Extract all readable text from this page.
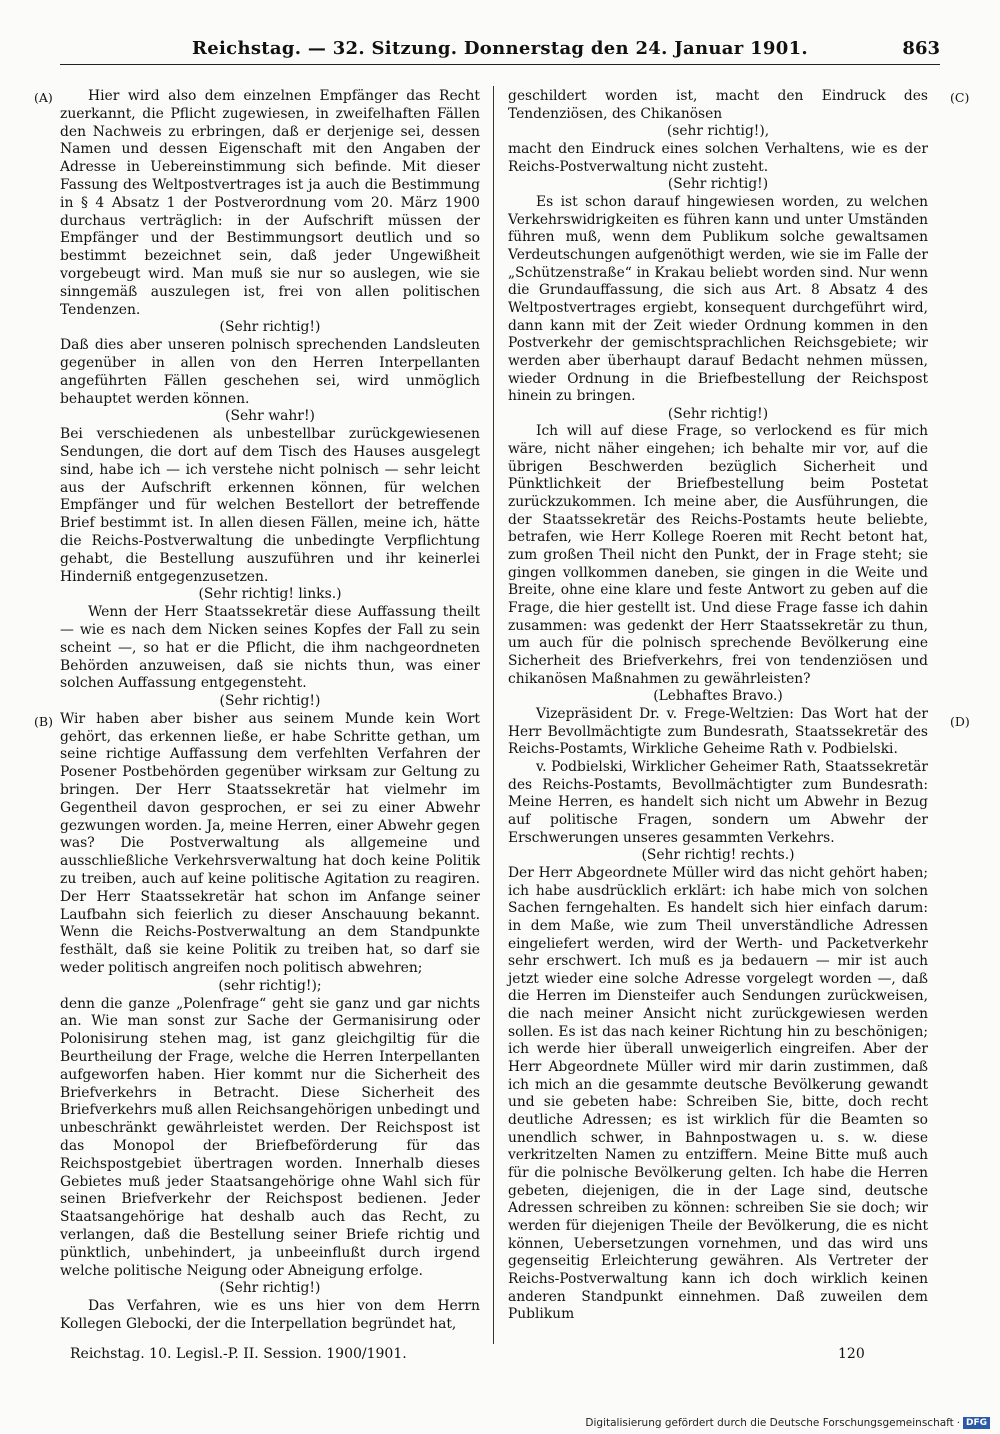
Reichstag. — 32. Sitzung. Donnerstag den 24. Januar 1901.	863
(A)
(B)
(C)
(D)

Hier wird also dem einzelnen Empfänger das Recht zuerkannt, die Pflicht zugewiesen, in zweifelhaften Fällen den Nachweis zu erbringen, daß er derjenige sei, dessen Namen und dessen Eigenschaft mit den Angaben der Adresse in Uebereinstimmung sich befinde. Mit dieser Fassung des Weltpostvertrages ist ja auch die Bestimmung in § 4 Absatz 1 der Postverordnung vom 20. März 1900 durchaus verträglich: in der Aufschrift müssen der Empfänger und der Bestimmungsort deutlich und so bestimmt bezeichnet sein, daß jeder Ungewißheit vorgebeugt wird. Man muß sie nur so auslegen, wie sie sinngemäß auszulegen ist, frei von allen politischen Tendenzen.

(Sehr richtig!)

Daß dies aber unseren polnisch sprechenden Landsleuten gegenüber in allen von den Herren Interpellanten angeführten Fällen geschehen sei, wird unmöglich behauptet werden können.

(Sehr wahr!)

Bei verschiedenen als unbestellbar zurückgewiesenen Sendungen, die dort auf dem Tisch des Hauses ausgelegt sind, habe ich — ich verstehe nicht polnisch — sehr leicht aus der Aufschrift erkennen können, für welchen Empfänger und für welchen Bestellort der betreffende Brief bestimmt ist. In allen diesen Fällen, meine ich, hätte die Reichs-Postverwaltung die unbedingte Verpflichtung gehabt, die Bestellung auszuführen und ihr keinerlei Hinderniß entgegenzusetzen.

(Sehr richtig! links.)

Wenn der Herr Staatssekretär diese Auffassung theilt — wie es nach dem Nicken seines Kopfes der Fall zu sein scheint —, so hat er die Pflicht, die ihm nachgeordneten Behörden anzuweisen, daß sie nichts thun, was einer solchen Auffassung entgegensteht.

(Sehr richtig!)

Wir haben aber bisher aus seinem Munde kein Wort gehört, das erkennen ließe, er habe Schritte gethan, um seine richtige Auffassung dem verfehlten Verfahren der Posener Postbehörden gegenüber wirksam zur Geltung zu bringen. Der Herr Staatssekretär hat vielmehr im Gegentheil davon gesprochen, er sei zu einer Abwehr gezwungen worden. Ja, meine Herren, einer Abwehr gegen was? Die Postverwaltung als allgemeine und ausschließliche Verkehrsverwaltung hat doch keine Politik zu treiben, auch auf keine politische Agitation zu reagiren. Der Herr Staatssekretär hat schon im Anfange seiner Laufbahn sich feierlich zu dieser Anschauung bekannt. Wenn die Reichs-Postverwaltung an dem Standpunkte festhält, daß sie keine Politik zu treiben hat, so darf sie weder politisch angreifen noch politisch abwehren;

(sehr richtig!);

denn die ganze „Polenfrage“ geht sie ganz und gar nichts an. Wie man sonst zur Sache der Germanisirung oder Polonisirung stehen mag, ist ganz gleichgiltig für die Beurtheilung der Frage, welche die Herren Interpellanten aufgeworfen haben. Hier kommt nur die Sicherheit des Briefverkehrs in Betracht. Diese Sicherheit des Briefverkehrs muß allen Reichsangehörigen unbedingt und unbeschränkt gewährleistet werden. Der Reichspost ist das Monopol der Briefbeförderung für das Reichspostgebiet übertragen worden. Innerhalb dieses Gebietes muß jeder Staatsangehörige ohne Wahl sich für seinen Briefverkehr der Reichspost bedienen. Jeder Staatsangehörige hat deshalb auch das Recht, zu verlangen, daß die Bestellung seiner Briefe richtig und pünktlich, unbehindert, ja unbeeinflußt durch irgend welche politische Neigung oder Abneigung erfolge.

(Sehr richtig!)

Das Verfahren, wie es uns hier von dem Herrn Kollegen Glebocki, der die Interpellation begründet hat,

geschildert worden ist, macht den Eindruck des Tendenziösen, des Chikanösen

(sehr richtig!),

macht den Eindruck eines solchen Verhaltens, wie es der Reichs-Postverwaltung nicht zusteht.

(Sehr richtig!)

Es ist schon darauf hingewiesen worden, zu welchen Verkehrswidrigkeiten es führen kann und unter Umständen führen muß, wenn dem Publikum solche gewaltsamen Verdeutschungen aufgenöthigt werden, wie sie im Falle der „Schützenstraße“ in Krakau beliebt worden sind. Nur wenn die Grundauffassung, die sich aus Art. 8 Absatz 4 des Weltpostvertrages ergiebt, konsequent durchgeführt wird, dann kann mit der Zeit wieder Ordnung kommen in den Postverkehr der gemischtsprachlichen Reichsgebiete; wir werden aber überhaupt darauf Bedacht nehmen müssen, wieder Ordnung in die Briefbestellung der Reichspost hinein zu bringen.

(Sehr richtig!)

Ich will auf diese Frage, so verlockend es für mich wäre, nicht näher eingehen; ich behalte mir vor, auf die übrigen Beschwerden bezüglich Sicherheit und Pünktlichkeit der Briefbestellung beim Postetat zurückzukommen. Ich meine aber, die Ausführungen, die der Staatssekretär des Reichs-Postamts heute beliebte, betrafen, wie Herr Kollege Roeren mit Recht betont hat, zum großen Theil nicht den Punkt, der in Frage steht; sie gingen vollkommen daneben, sie gingen in die Weite und Breite, ohne eine klare und feste Antwort zu geben auf die Frage, die hier gestellt ist. Und diese Frage fasse ich dahin zusammen: was gedenkt der Herr Staatssekretär zu thun, um auch für die polnisch sprechende Bevölkerung eine Sicherheit des Briefverkehrs, frei von tendenziösen und chikanösen Maßnahmen zu gewährleisten?

(Lebhaftes Bravo.)

Vizepräsident Dr. v. Frege-Weltzien: Das Wort hat der Herr Bevollmächtigte zum Bundesrath, Staatssekretär des Reichs-Postamts, Wirkliche Geheime Rath v. Podbielski.

v. Podbielski, Wirklicher Geheimer Rath, Staatssekretär des Reichs-Postamts, Bevollmächtigter zum Bundesrath: Meine Herren, es handelt sich nicht um Abwehr in Bezug auf politische Fragen, sondern um Abwehr der Erschwerungen unseres gesammten Verkehrs.

(Sehr richtig! rechts.)

Der Herr Abgeordnete Müller wird das nicht gehört haben; ich habe ausdrücklich erklärt: ich habe mich von solchen Sachen ferngehalten. Es handelt sich hier einfach darum: in dem Maße, wie zum Theil unverständliche Adressen eingeliefert werden, wird der Werth- und Packetverkehr sehr erschwert. Ich muß es ja bedauern — mir ist auch jetzt wieder eine solche Adresse vorgelegt worden —, daß die Herren im Diensteifer auch Sendungen zurückweisen, die nach meiner Ansicht nicht zurückgewiesen werden sollen. Es ist das nach keiner Richtung hin zu beschönigen; ich werde hier überall unweigerlich eingreifen. Aber der Herr Abgeordnete Müller wird mir darin zustimmen, daß ich mich an die gesammte deutsche Bevölkerung gewandt und sie gebeten habe: Schreiben Sie, bitte, doch recht deutliche Adressen; es ist wirklich für die Beamten so unendlich schwer, in Bahnpostwagen u. s. w. diese verkritzelten Namen zu entziffern. Meine Bitte muß auch für die polnische Bevölkerung gelten. Ich habe die Herren gebeten, diejenigen, die in der Lage sind, deutsche Adressen schreiben zu können: schreiben Sie sie doch; wir werden für diejenigen Theile der Bevölkerung, die es nicht können, Uebersetzungen vornehmen, und das wird uns gegenseitig Erleichterung gewähren. Als Vertreter der Reichs-Postverwaltung kann ich doch wirklich keinen anderen Standpunkt einnehmen. Daß zuweilen dem Publikum

Reichstag. 10. Legisl.-P. II. Session. 1900/1901.	120
Digitalisierung gefördert durch die Deutsche Forschungsgemeinschaft · DFG
